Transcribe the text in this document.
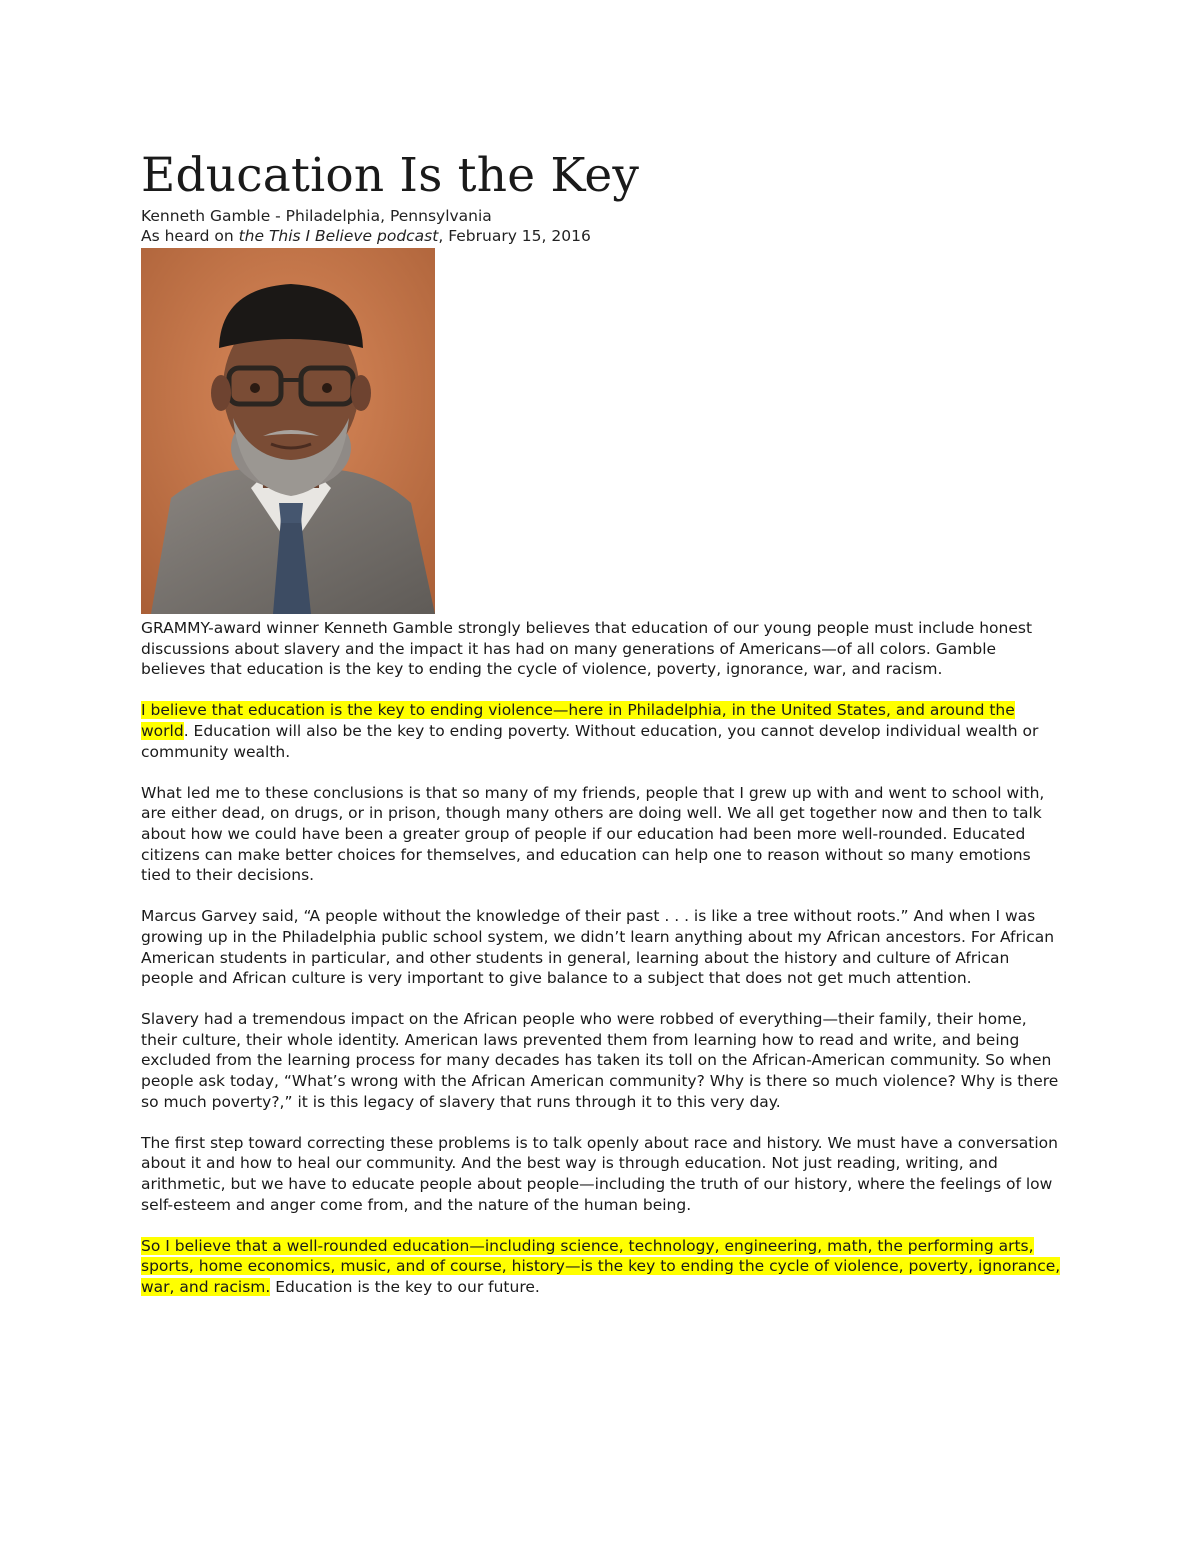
Education Is the Key
Kenneth Gamble - Philadelphia, Pennsylvania
As heard on the This I Believe podcast, February 15, 2016

GRAMMY-award winner Kenneth Gamble strongly believes that education of our young people must include honest discussions about slavery and the impact it has had on many generations of Americans—of all colors. Gamble believes that education is the key to ending the cycle of violence, poverty, ignorance, war, and racism.

I believe that education is the key to ending violence—here in Philadelphia, in the United States, and around the world. Education will also be the key to ending poverty. Without education, you cannot develop individual wealth or community wealth.

What led me to these conclusions is that so many of my friends, people that I grew up with and went to school with, are either dead, on drugs, or in prison, though many others are doing well. We all get together now and then to talk about how we could have been a greater group of people if our education had been more well-rounded. Educated citizens can make better choices for themselves, and education can help one to reason without so many emotions tied to their decisions.

Marcus Garvey said, “A people without the knowledge of their past . . . is like a tree without roots.” And when I was growing up in the Philadelphia public school system, we didn’t learn anything about my African ancestors. For African American students in particular, and other students in general, learning about the history and culture of African people and African culture is very important to give balance to a subject that does not get much attention.

Slavery had a tremendous impact on the African people who were robbed of everything—their family, their home, their culture, their whole identity. American laws prevented them from learning how to read and write, and being excluded from the learning process for many decades has taken its toll on the African-American community. So when people ask today, “What’s wrong with the African American community? Why is there so much violence? Why is there so much poverty?,” it is this legacy of slavery that runs through it to this very day.

The first step toward correcting these problems is to talk openly about race and history. We must have a conversation about it and how to heal our community. And the best way is through education. Not just reading, writing, and arithmetic, but we have to educate people about people—including the truth of our history, where the feelings of low self-esteem and anger come from, and the nature of the human being.

So I believe that a well-rounded education—including science, technology, engineering, math, the performing arts, sports, home economics, music, and of course, history—is the key to ending the cycle of violence, poverty, ignorance, war, and racism. Education is the key to our future.
